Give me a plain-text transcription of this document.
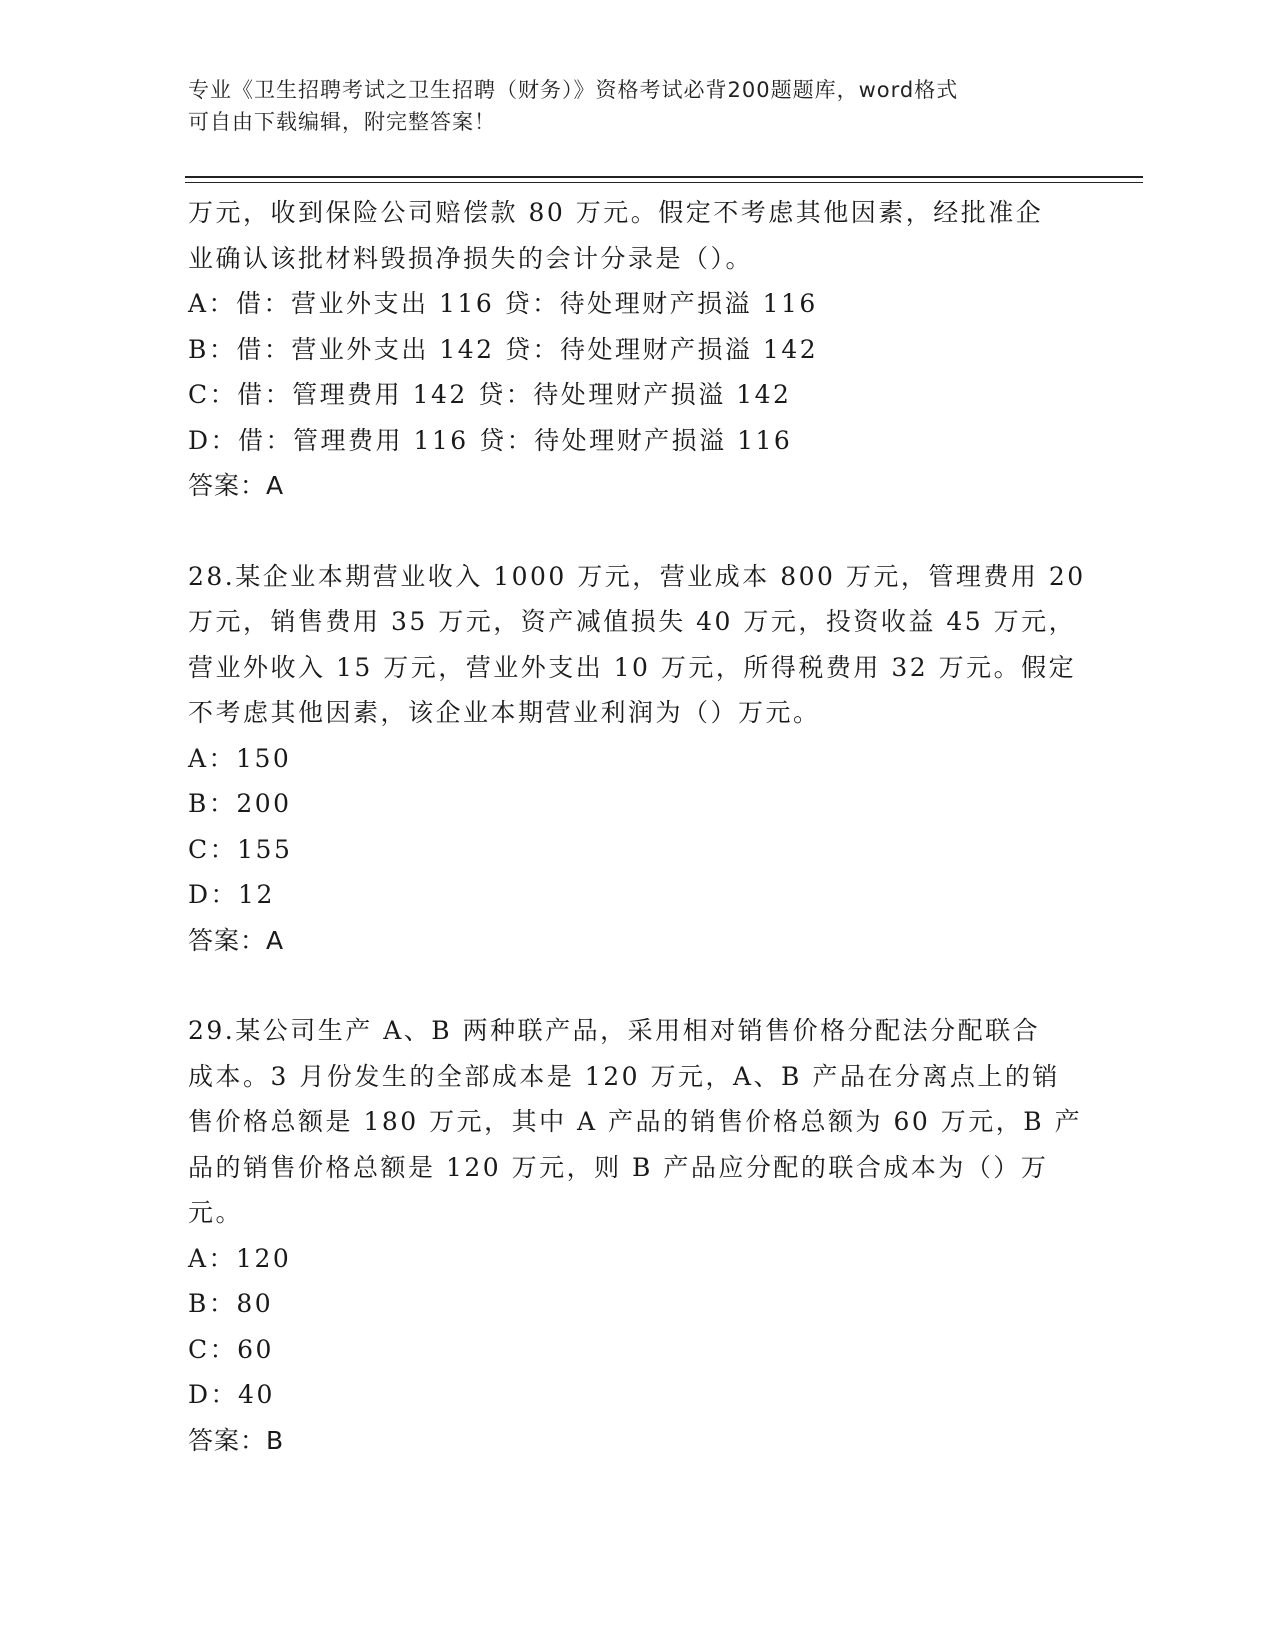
专业《卫生招聘考试之卫生招聘（财务）》资格考试必背200题题库，word格式
可自由下载编辑，附完整答案！
万元，收到保险公司赔偿款 80 万元。假定不考虑其他因素，经批准企
业确认该批材料毁损净损失的会计分录是（）。
A：借：营业外支出 116 贷：待处理财产损溢 116
B：借：营业外支出 142 贷：待处理财产损溢 142
C：借：管理费用 142 贷：待处理财产损溢 142
D：借：管理费用 116 贷：待处理财产损溢 116
答案：A
28.某企业本期营业收入 1000 万元，营业成本 800 万元，管理费用 20
万元，销售费用 35 万元，资产减值损失 40 万元，投资收益 45 万元，
营业外收入 15 万元，营业外支出 10 万元，所得税费用 32 万元。假定
不考虑其他因素，该企业本期营业利润为（）万元。
A：150
B：200
C：155
D：12
答案：A
29.某公司生产 A、B 两种联产品，采用相对销售价格分配法分配联合
成本。3 月份发生的全部成本是 120 万元，A、B 产品在分离点上的销
售价格总额是 180 万元，其中 A 产品的销售价格总额为 60 万元，B 产
品的销售价格总额是 120 万元，则 B 产品应分配的联合成本为（）万
元。
A：120
B：80
C：60
D：40
答案：B
